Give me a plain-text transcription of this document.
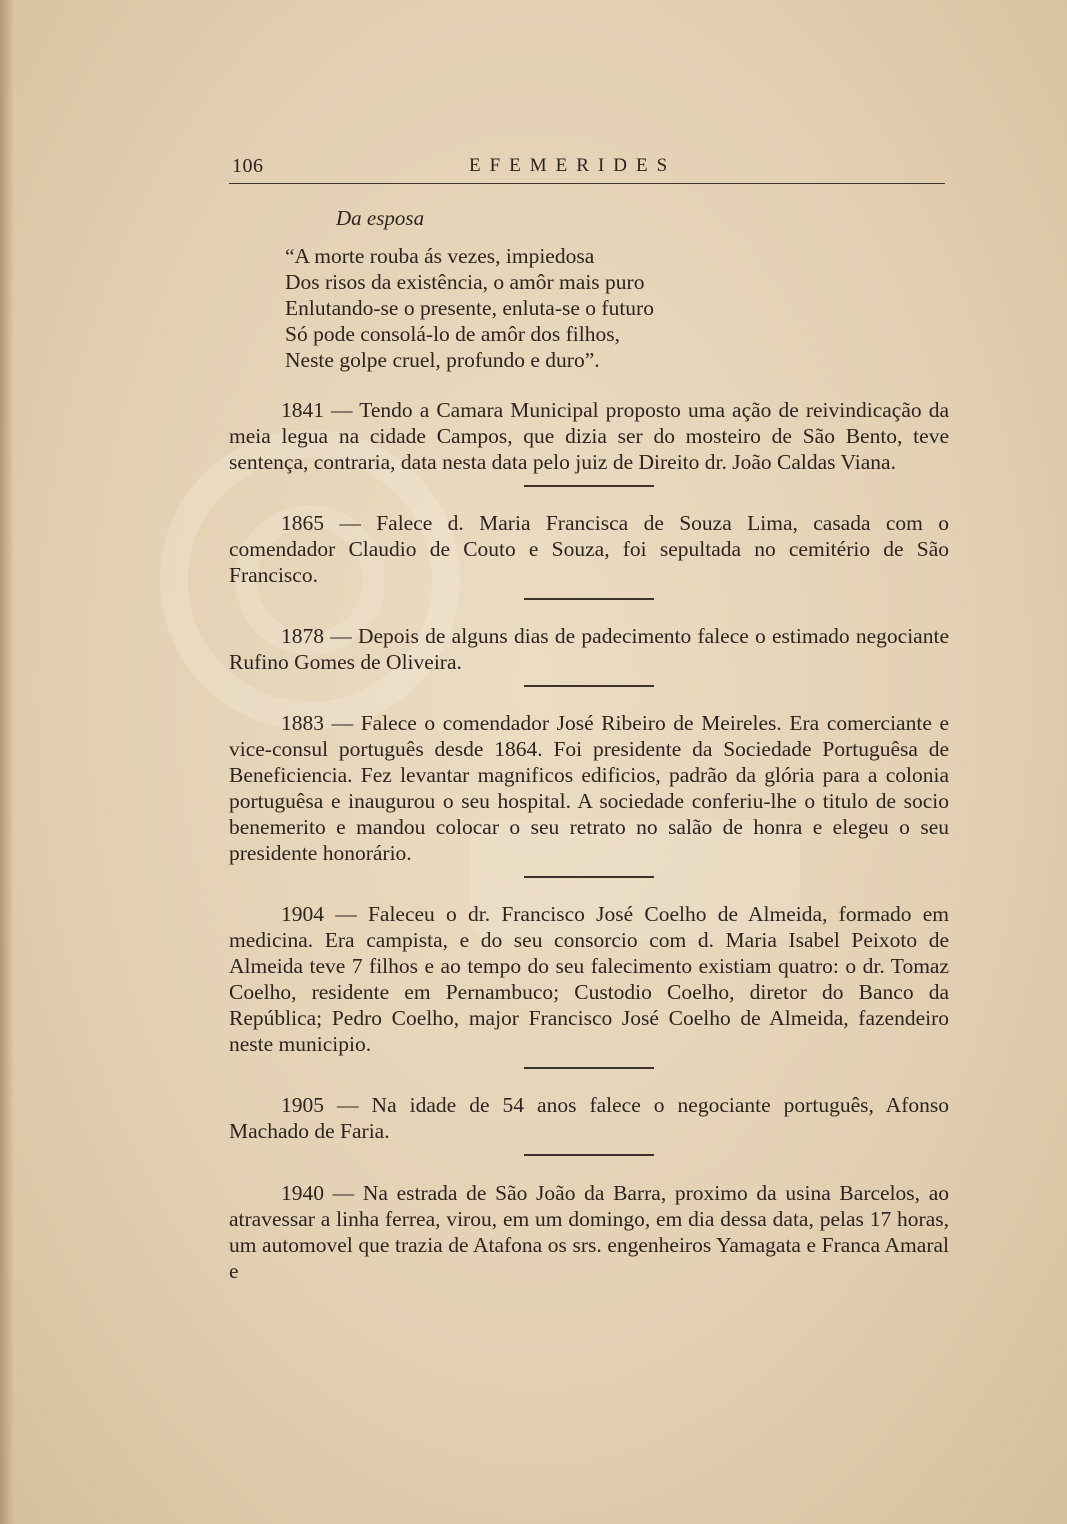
106	EFEMERIDES
Da esposa
“A morte rouba ás vezes, impiedosa
Dos risos da existência, o amôr mais puro
Enlutando-se o presente, enluta-se o futuro
Só pode consolá-lo de amôr dos filhos,
Neste golpe cruel, profundo e duro”.

1841 — Tendo a Camara Municipal proposto uma ação de reivindicação da meia legua na cidade Campos, que dizia ser do mosteiro de São Bento, teve sentença, contraria, data nesta data pelo juiz de Direito dr. João Caldas Viana.

1865 — Falece d. Maria Francisca de Souza Lima, casada com o comendador Claudio de Couto e Souza, foi sepultada no cemitério de São Francisco.

1878 — Depois de alguns dias de padecimento falece o estimado negociante Rufino Gomes de Oliveira.

1883 — Falece o comendador José Ribeiro de Meireles. Era comerciante e vice-consul português desde 1864. Foi presidente da Sociedade Portuguêsa de Beneficiencia. Fez levantar magnificos edificios, padrão da glória para a colonia portuguêsa e inaugurou o seu hospital. A sociedade conferiu-lhe o titulo de socio benemerito e mandou colocar o seu retrato no salão de honra e elegeu o seu presidente honorário.

1904 — Faleceu o dr. Francisco José Coelho de Almeida, formado em medicina. Era campista, e do seu consorcio com d. Maria Isabel Peixoto de Almeida teve 7 filhos e ao tempo do seu falecimento existiam quatro: o dr. Tomaz Coelho, residente em Pernambuco; Custodio Coelho, diretor do Banco da República; Pedro Coelho, major Francisco José Coelho de Almeida, fazendeiro neste municipio.

1905 — Na idade de 54 anos falece o negociante português, Afonso Machado de Faria.

1940 — Na estrada de São João da Barra, proximo da usina Barcelos, ao atravessar a linha ferrea, virou, em um domingo, em dia dessa data, pelas 17 horas, um automovel que trazia de Atafona os srs. engenheiros Yamagata e Franca Amaral e
